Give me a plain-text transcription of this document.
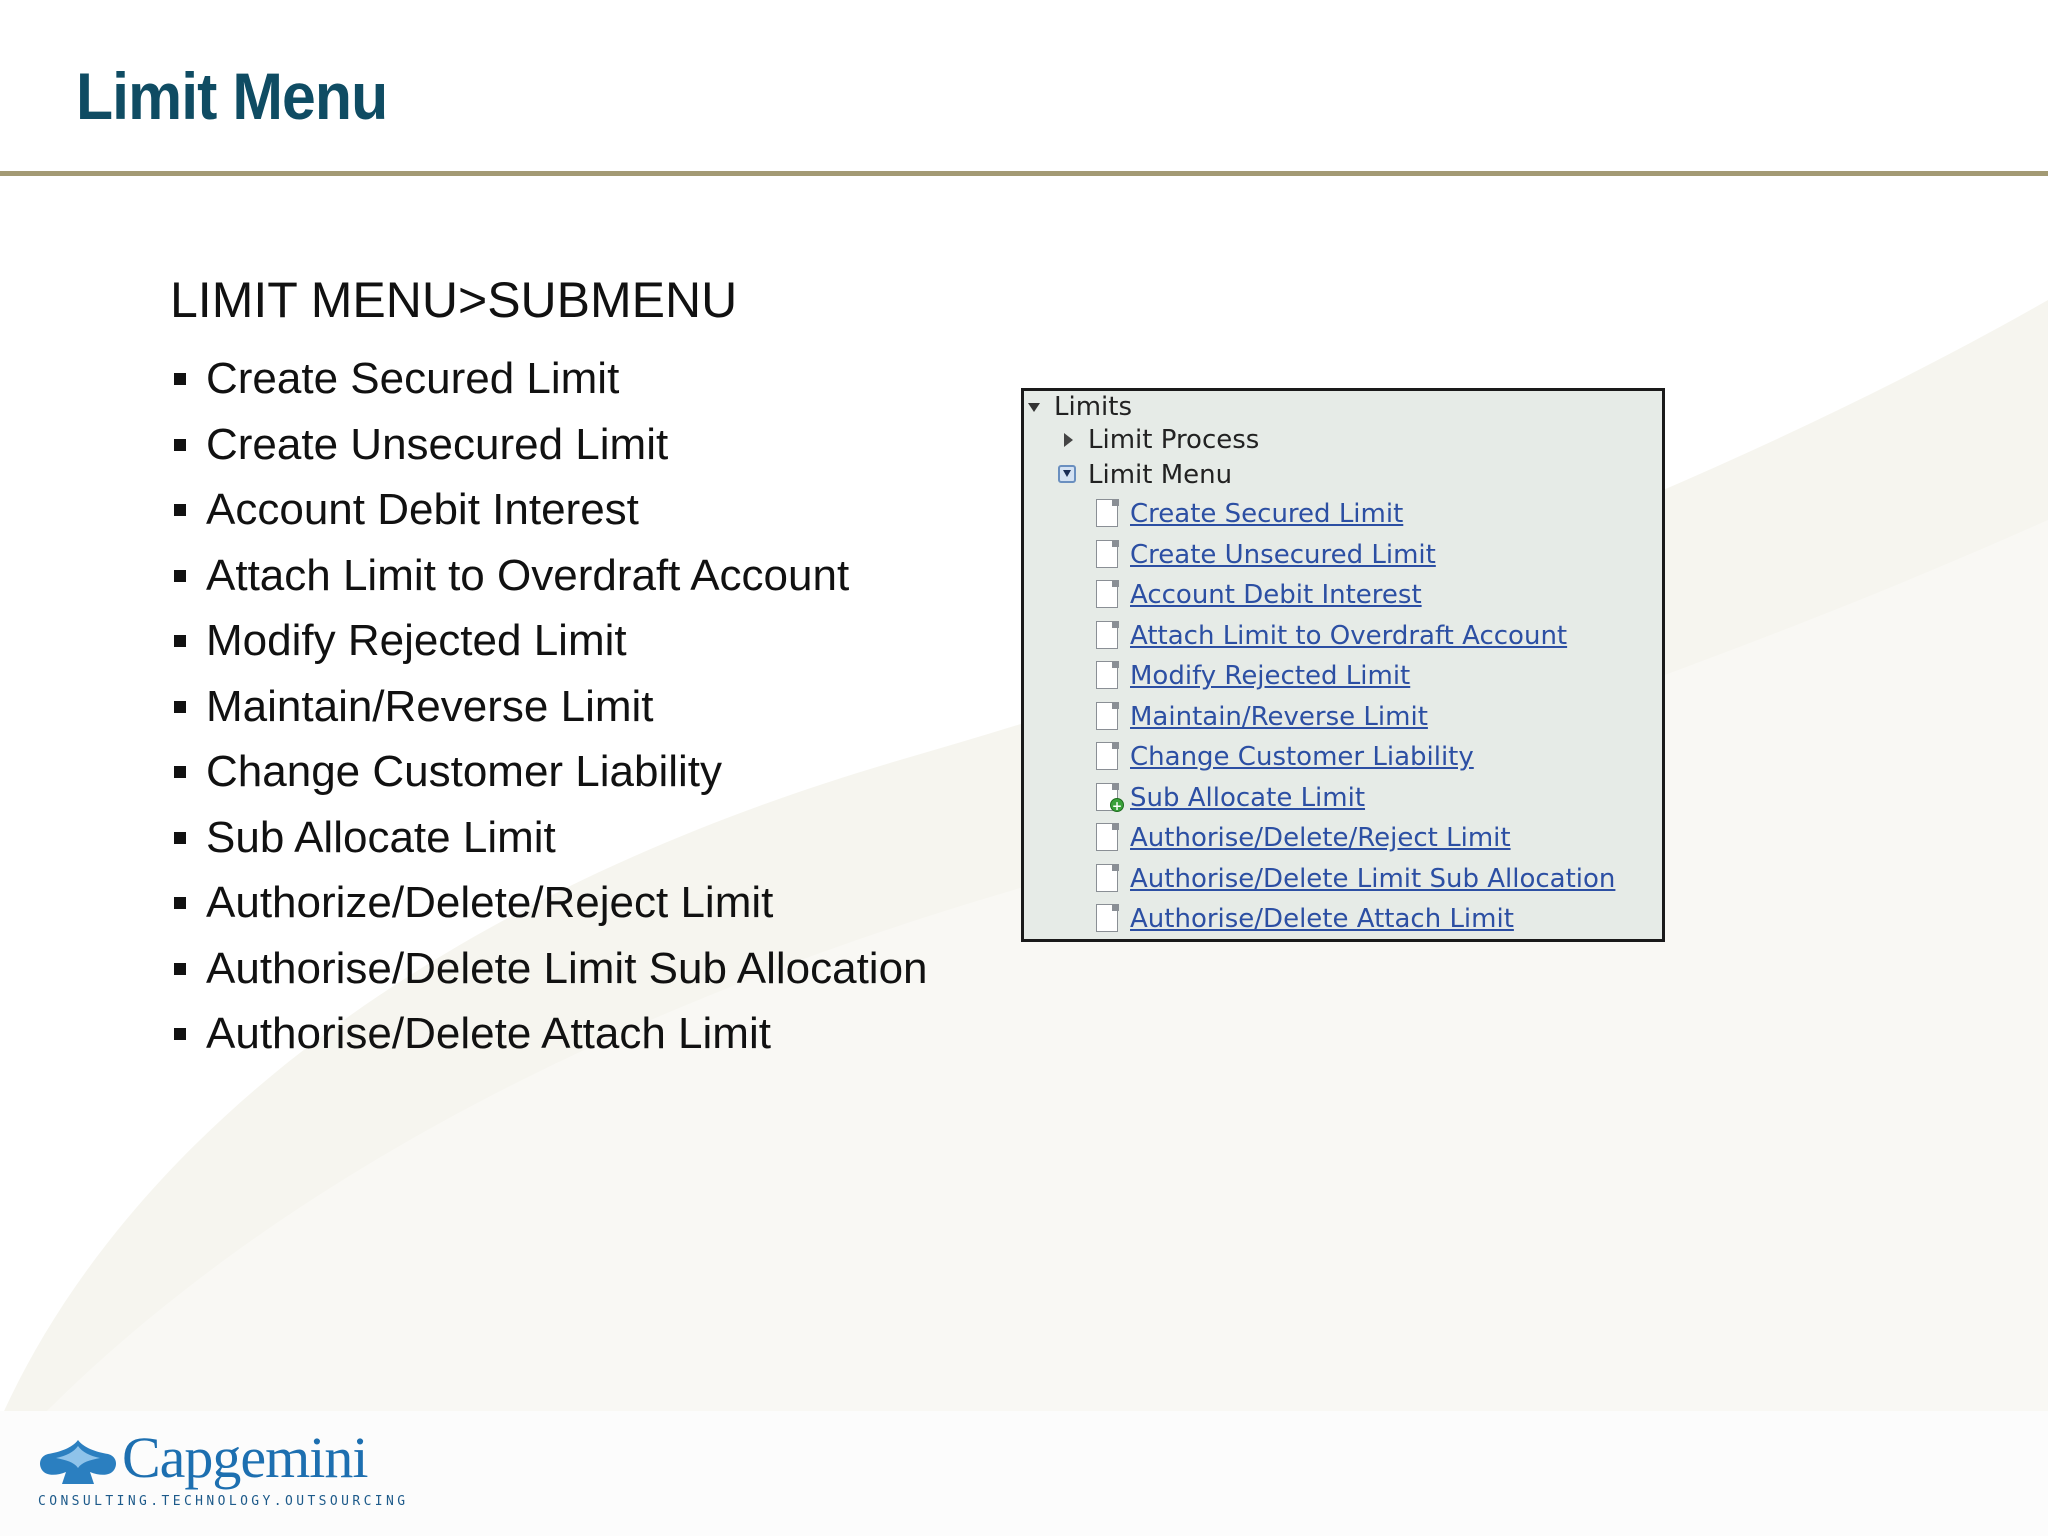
Limit Menu
LIMIT MENU>SUBMENU
Create Secured Limit
Create Unsecured Limit
Account Debit Interest
Attach Limit to Overdraft Account
Modify Rejected Limit
Maintain/Reverse Limit
Change Customer Liability
Sub Allocate Limit
Authorize/Delete/Reject Limit
Authorise/Delete Limit Sub Allocation
Authorise/Delete Attach Limit
Limits
Limit Process
Limit Menu
Create Secured Limit
Create Unsecured Limit
Account Debit Interest
Attach Limit to Overdraft Account
Modify Rejected Limit
Maintain/Reverse Limit
Change Customer Liability
+
Sub Allocate Limit
Authorise/Delete/Reject Limit
Authorise/Delete Limit Sub Allocation
Authorise/Delete Attach Limit
Capgemini
CONSULTING.TECHNOLOGY.OUTSOURCING
